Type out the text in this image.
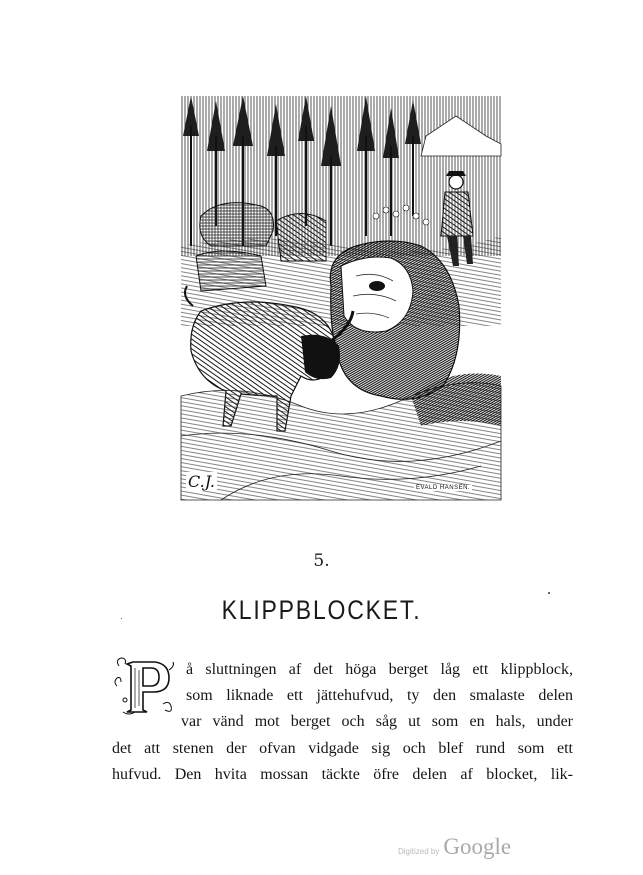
C.J.	EVALD HANSEN.
5.
KLIPPBLOCKET.
P
å sluttningen af det höga berget låg ett klippblock,
som liknade ett jättehufvud, ty den smalaste delen
var vänd mot berget och såg ut som en hals, under
det att stenen der ofvan vidgade sig och blef rund som ett
hufvud. Den hvita mossan täckte öfre delen af blocket, lik-
Digitized by Google
